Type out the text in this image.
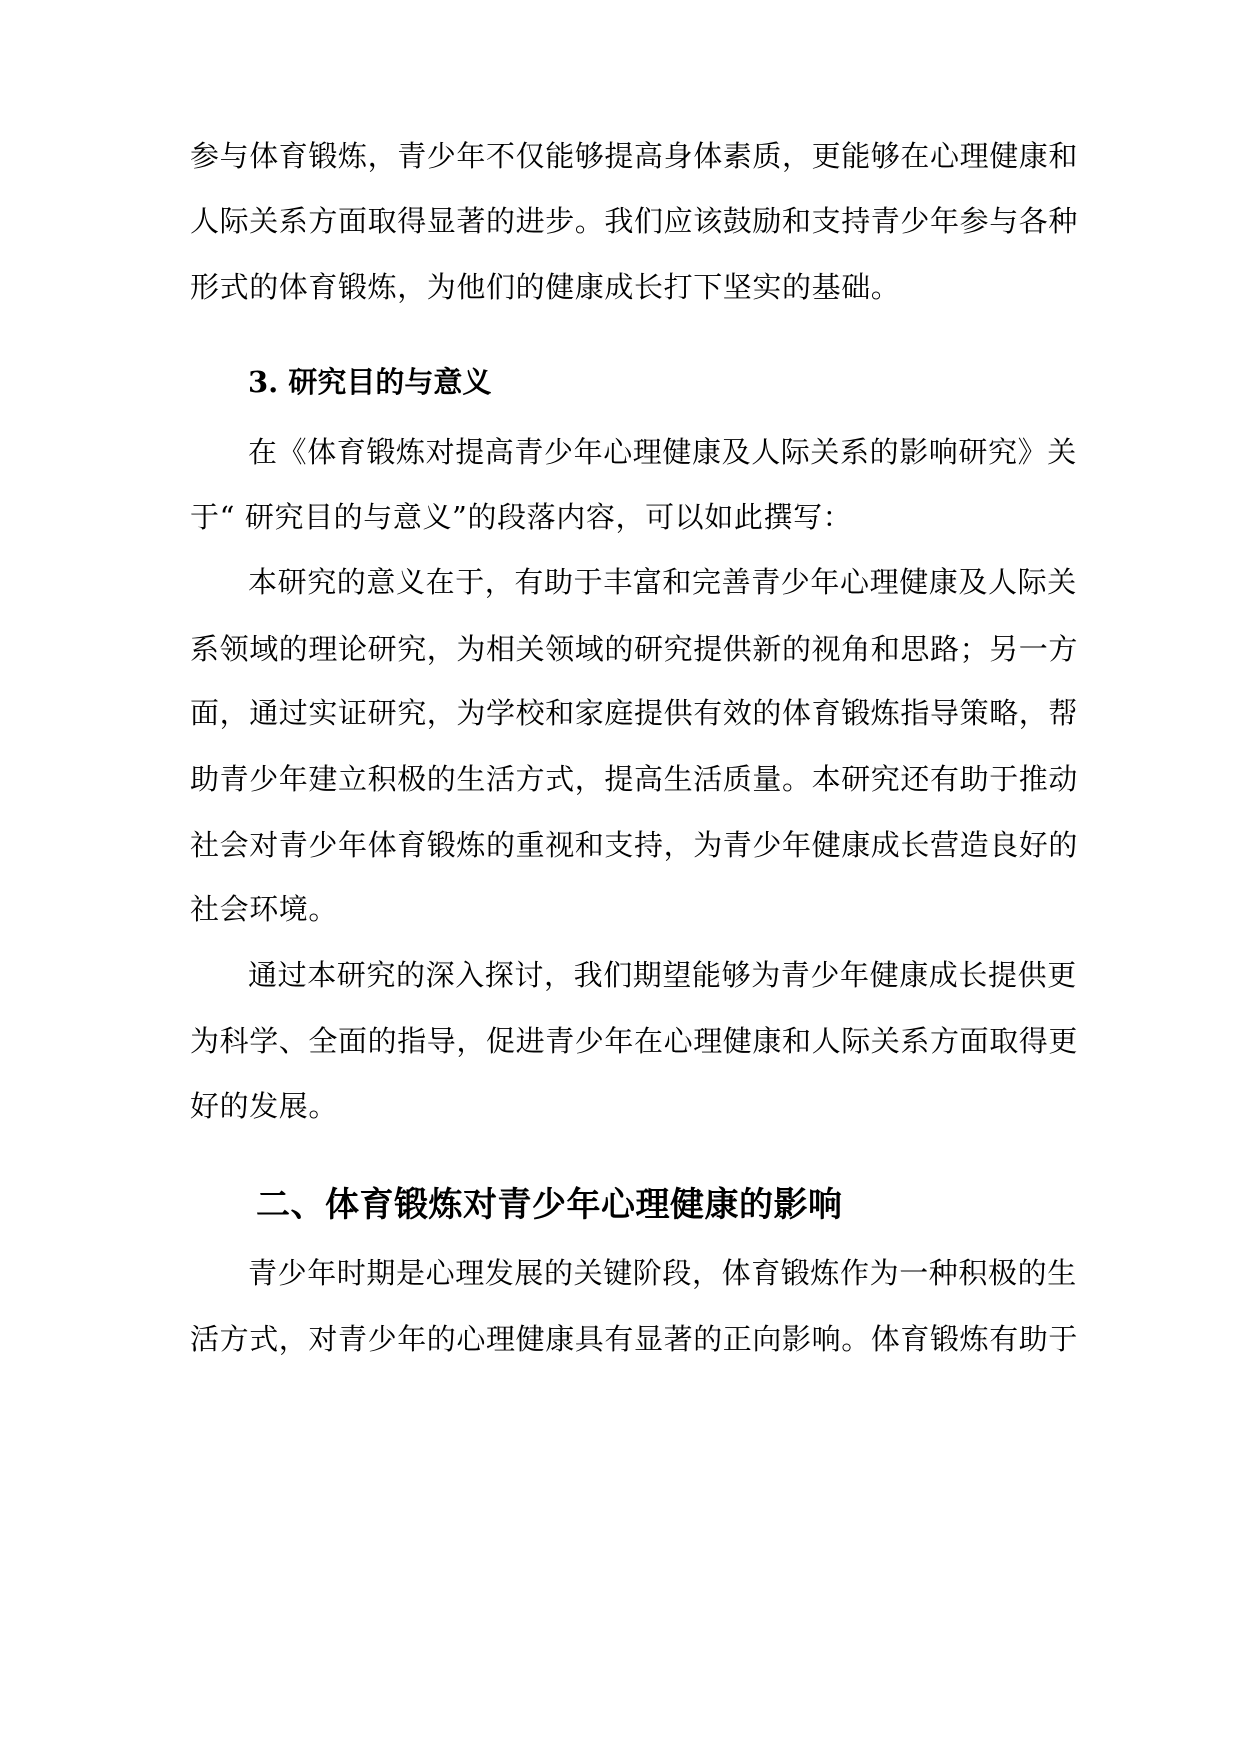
参与体育锻炼，青少年不仅能够提高身体素质，更能够在心理健康和
人际关系方面取得显著的进步。我们应该鼓励和支持青少年参与各种
形式的体育锻炼，为他们的健康成长打下坚实的基础。
3. 研究目的与意义
在《体育锻炼对提高青少年心理健康及人际关系的影响研究》关
于“ 研究目的与意义”的段落内容，可以如此撰写：
本研究的意义在于，有助于丰富和完善青少年心理健康及人际关
系领域的理论研究，为相关领域的研究提供新的视角和思路；另一方
面，通过实证研究，为学校和家庭提供有效的体育锻炼指导策略，帮
助青少年建立积极的生活方式，提高生活质量。本研究还有助于推动
社会对青少年体育锻炼的重视和支持，为青少年健康成长营造良好的
社会环境。
通过本研究的深入探讨，我们期望能够为青少年健康成长提供更
为科学、全面的指导，促进青少年在心理健康和人际关系方面取得更
好的发展。
二、体育锻炼对青少年心理健康的影响
青少年时期是心理发展的关键阶段，体育锻炼作为一种积极的生
活方式，对青少年的心理健康具有显著的正向影响。体育锻炼有助于
